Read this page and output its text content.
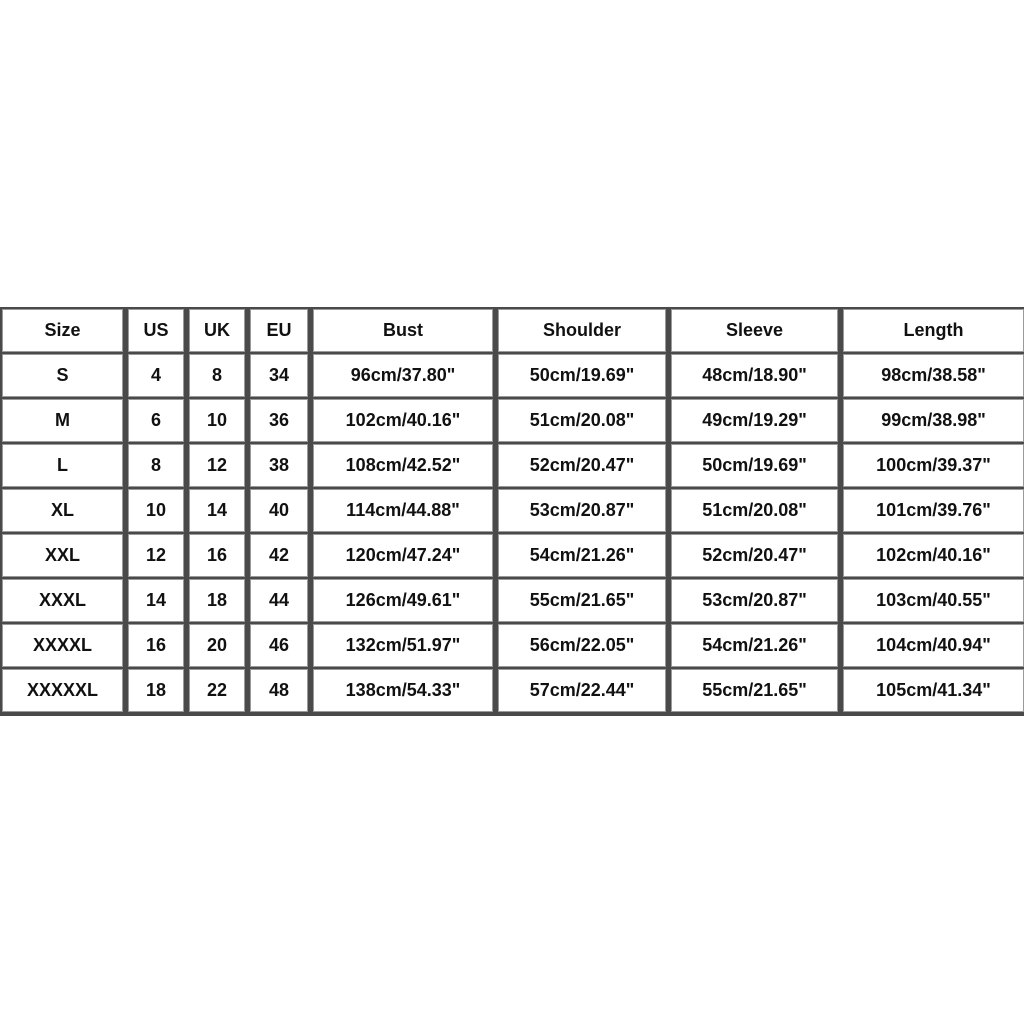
Size	US	UK	EU	Bust	Shoulder	Sleeve	Length
S	4	8	34	96cm/37.80"	50cm/19.69"	48cm/18.90"	98cm/38.58"
M	6	10	36	102cm/40.16"	51cm/20.08"	49cm/19.29"	99cm/38.98"
L	8	12	38	108cm/42.52"	52cm/20.47"	50cm/19.69"	100cm/39.37"
XL	10	14	40	114cm/44.88"	53cm/20.87"	51cm/20.08"	101cm/39.76"
XXL	12	16	42	120cm/47.24"	54cm/21.26"	52cm/20.47"	102cm/40.16"
XXXL	14	18	44	126cm/49.61"	55cm/21.65"	53cm/20.87"	103cm/40.55"
XXXXL	16	20	46	132cm/51.97"	56cm/22.05"	54cm/21.26"	104cm/40.94"
XXXXXL	18	22	48	138cm/54.33"	57cm/22.44"	55cm/21.65"	105cm/41.34"
